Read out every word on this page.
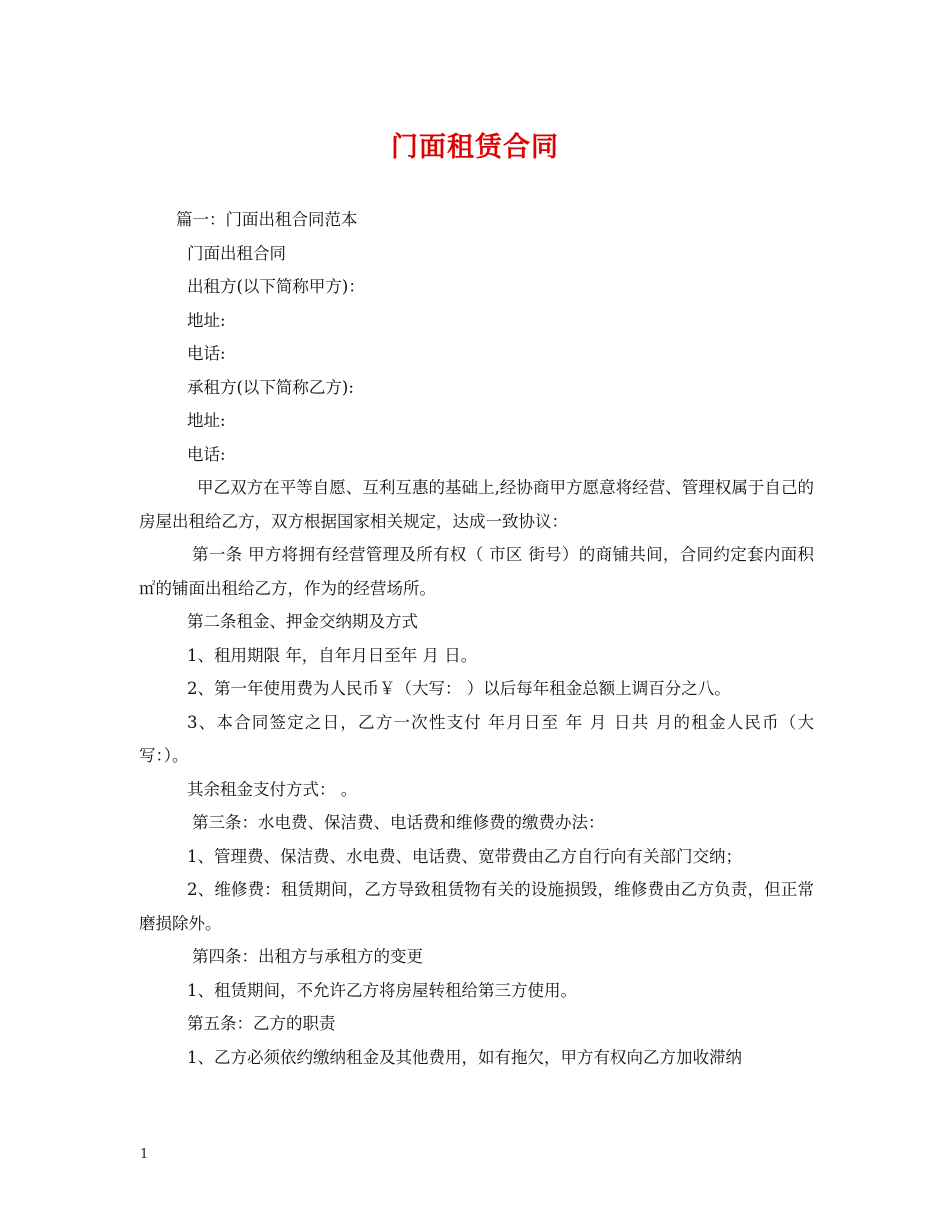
门面租赁合同
篇一：门面出租合同范本
门面出租合同
出租方(以下简称甲方)：
地址:
电话:
承租方(以下简称乙方):
地址:
电话:
甲乙双方在平等自愿、互利互惠的基础上,经协商甲方愿意将经营、管理权属于自己的房屋出租给乙方，双方根据国家相关规定，达成一致协议：
第一条 甲方将拥有经营管理及所有权（ 市区 街号）的商铺共间，合同约定套内面积㎡的铺面出租给乙方，作为的经营场所。
第二条租金、押金交纳期及方式
1、租用期限 年，自年月日至年 月 日。
2、第一年使用费为人民币￥（大写： ）以后每年租金总额上调百分之八。
3、本合同签定之日，乙方一次性支付 年月日至 年 月 日共 月的租金人民币（大写：）。
其余租金支付方式： 。
第三条：水电费、保洁费、电话费和维修费的缴费办法：
1、管理费、保洁费、水电费、电话费、宽带费由乙方自行向有关部门交纳；
2、维修费：租赁期间，乙方导致租赁物有关的设施损毁，维修费由乙方负责，但正常磨损除外。
第四条：出租方与承租方的变更
1、租赁期间，不允许乙方将房屋转租给第三方使用。
第五条：乙方的职责
1、乙方必须依约缴纳租金及其他费用，如有拖欠，甲方有权向乙方加收滞纳
1
